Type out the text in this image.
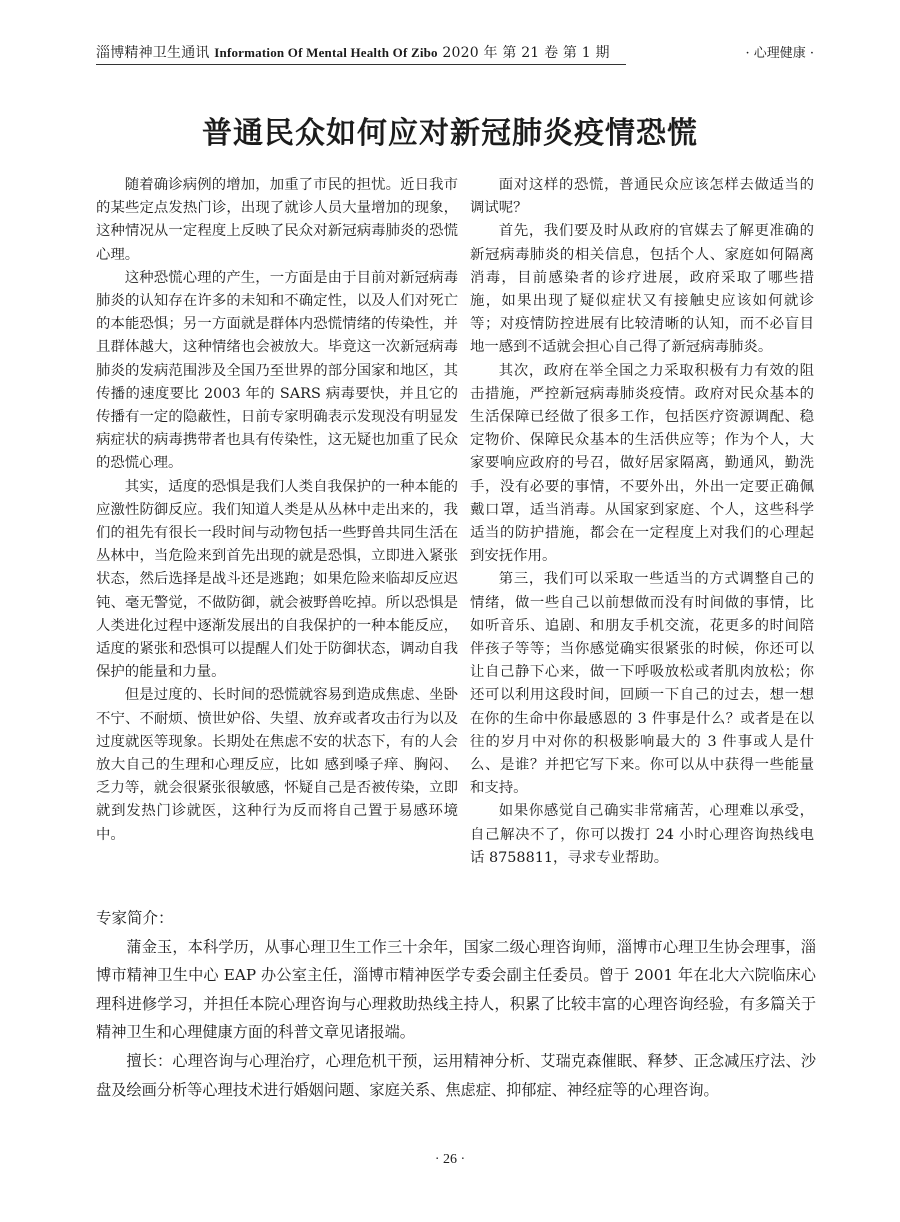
淄博精神卫生通讯 Information Of Mental Health Of Zibo 2020 年 第 21 卷 第 1 期	· 心理健康 ·
普通民众如何应对新冠肺炎疫情恐慌

随着确诊病例的增加，加重了市民的担忧。近日我市的某些定点发热门诊，出现了就诊人员大量增加的现象，这种情况从一定程度上反映了民众对新冠病毒肺炎的恐慌心理。

这种恐慌心理的产生，一方面是由于目前对新冠病毒肺炎的认知存在许多的未知和不确定性，以及人们对死亡的本能恐惧；另一方面就是群体内恐慌情绪的传染性，并且群体越大，这种情绪也会被放大。毕竟这一次新冠病毒肺炎的发病范围涉及全国乃至世界的部分国家和地区，其传播的速度要比 2003 年的 SARS 病毒要快，并且它的传播有一定的隐蔽性，日前专家明确表示发现没有明显发病症状的病毒携带者也具有传染性，这无疑也加重了民众的恐慌心理。

其实，适度的恐惧是我们人类自我保护的一种本能的应激性防御反应。我们知道人类是从丛林中走出来的，我们的祖先有很长一段时间与动物包括一些野兽共同生活在丛林中，当危险来到首先出现的就是恐惧，立即进入紧张状态，然后选择是战斗还是逃跑；如果危险来临却反应迟钝、毫无警觉，不做防御，就会被野兽吃掉。所以恐惧是人类进化过程中逐渐发展出的自我保护的一种本能反应，适度的紧张和恐惧可以提醒人们处于防御状态，调动自我保护的能量和力量。

但是过度的、长时间的恐慌就容易到造成焦虑、坐卧不宁、不耐烦、愤世妒俗、失望、放弃或者攻击行为以及过度就医等现象。长期处在焦虑不安的状态下，有的人会放大自己的生理和心理反应，比如 感到嗓子痒、胸闷、乏力等，就会很紧张很敏感，怀疑自己是否被传染，立即就到发热门诊就医，这种行为反而将自己置于易感环境中。

面对这样的恐慌，普通民众应该怎样去做适当的调试呢？

首先，我们要及时从政府的官媒去了解更准确的新冠病毒肺炎的相关信息，包括个人、家庭如何隔离消毒，目前感染者的诊疗进展，政府采取了哪些措施，如果出现了疑似症状又有接触史应该如何就诊等；对疫情防控进展有比较清晰的认知，而不必盲目地一感到不适就会担心自己得了新冠病毒肺炎。

其次，政府在举全国之力采取积极有力有效的阻击措施，严控新冠病毒肺炎疫情。政府对民众基本的生活保障已经做了很多工作，包括医疗资源调配、稳定物价、保障民众基本的生活供应等；作为个人，大家要响应政府的号召，做好居家隔离，勤通风，勤洗手，没有必要的事情，不要外出，外出一定要正确佩戴口罩，适当消毒。从国家到家庭、个人，这些科学适当的防护措施，都会在一定程度上对我们的心理起到安抚作用。

第三，我们可以采取一些适当的方式调整自己的情绪，做一些自己以前想做而没有时间做的事情，比如听音乐、追剧、和朋友手机交流，花更多的时间陪伴孩子等等；当你感觉确实很紧张的时候，你还可以让自己静下心来，做一下呼吸放松或者肌肉放松；你还可以利用这段时间，回顾一下自己的过去，想一想在你的生命中你最感恩的 3 件事是什么？或者是在以往的岁月中对你的积极影响最大的 3 件事或人是什么、是谁？并把它写下来。你可以从中获得一些能量和支持。

如果你感觉自己确实非常痛苦，心理难以承受，自己解决不了，你可以拨打 24 小时心理咨询热线电话 8758811，寻求专业帮助。

专家简介：

蒲金玉，本科学历，从事心理卫生工作三十余年，国家二级心理咨询师，淄博市心理卫生协会理事，淄博市精神卫生中心 EAP 办公室主任，淄博市精神医学专委会副主任委员。曾于 2001 年在北大六院临床心理科进修学习，并担任本院心理咨询与心理救助热线主持人，积累了比较丰富的心理咨询经验，有多篇关于精神卫生和心理健康方面的科普文章见诸报端。

擅长：心理咨询与心理治疗，心理危机干预，运用精神分析、艾瑞克森催眠、释梦、正念减压疗法、沙盘及绘画分析等心理技术进行婚姻问题、家庭关系、焦虑症、抑郁症、神经症等的心理咨询。

· 26 ·
